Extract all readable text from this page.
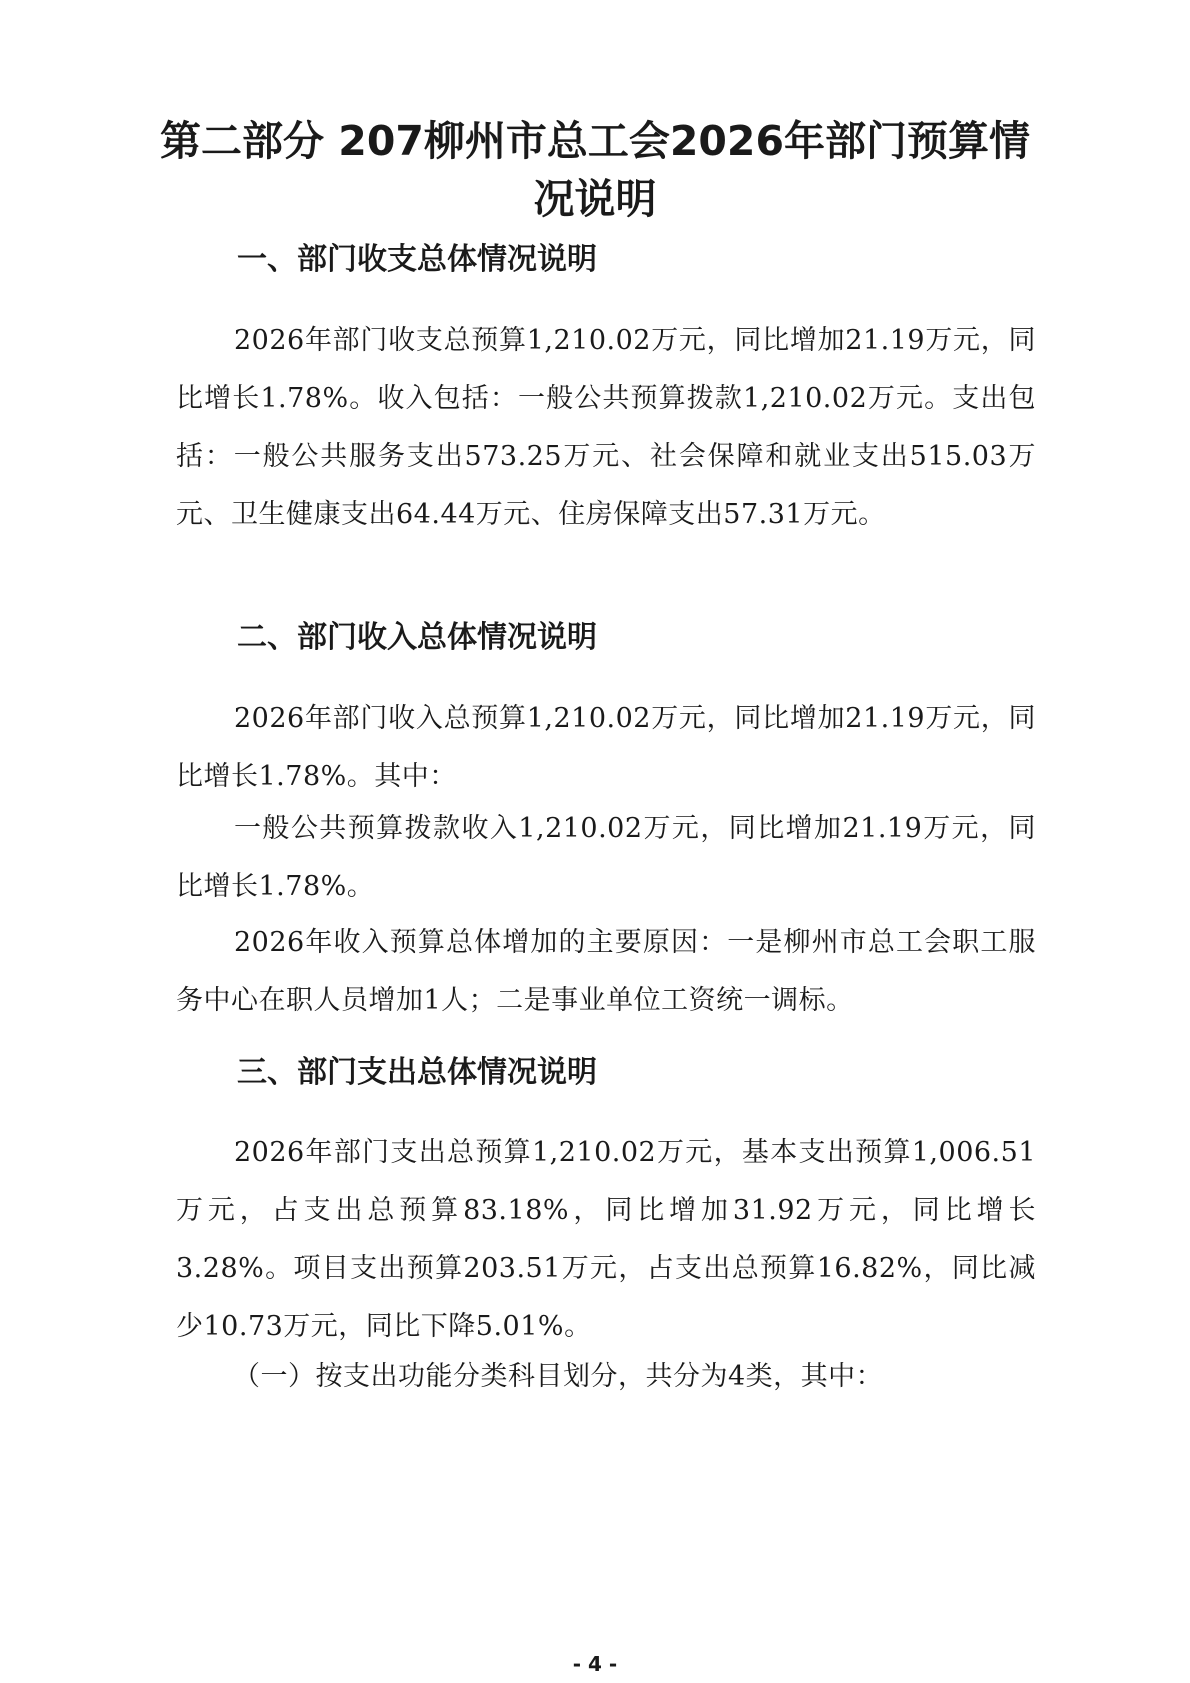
第二部分 207柳州市总工会2026年部门预算情况说明
一、部门收支总体情况说明

2026年部门收支总预算1,210.02万元，同比增加21.19万元，同比增长1.78%。收入包括：一般公共预算拨款1,210.02万元。支出包括：一般公共服务支出573.25万元、社会保障和就业支出515.03万元、卫生健康支出64.44万元、住房保障支出57.31万元。

二、部门收入总体情况说明

2026年部门收入总预算1,210.02万元，同比增加21.19万元，同比增长1.78%。其中：

一般公共预算拨款收入1,210.02万元，同比增加21.19万元，同比增长1.78%。

2026年收入预算总体增加的主要原因：一是柳州市总工会职工服务中心在职人员增加1人；二是事业单位工资统一调标。

三、部门支出总体情况说明

2026年部门支出总预算1,210.02万元，基本支出预算1,006.51万元，占支出总预算83.18%，同比增加31.92万元，同比增长3.28%。项目支出预算203.51万元，占支出总预算16.82%，同比减少10.73万元，同比下降5.01%。

（一）按支出功能分类科目划分，共分为4类，其中：

- 4 -
